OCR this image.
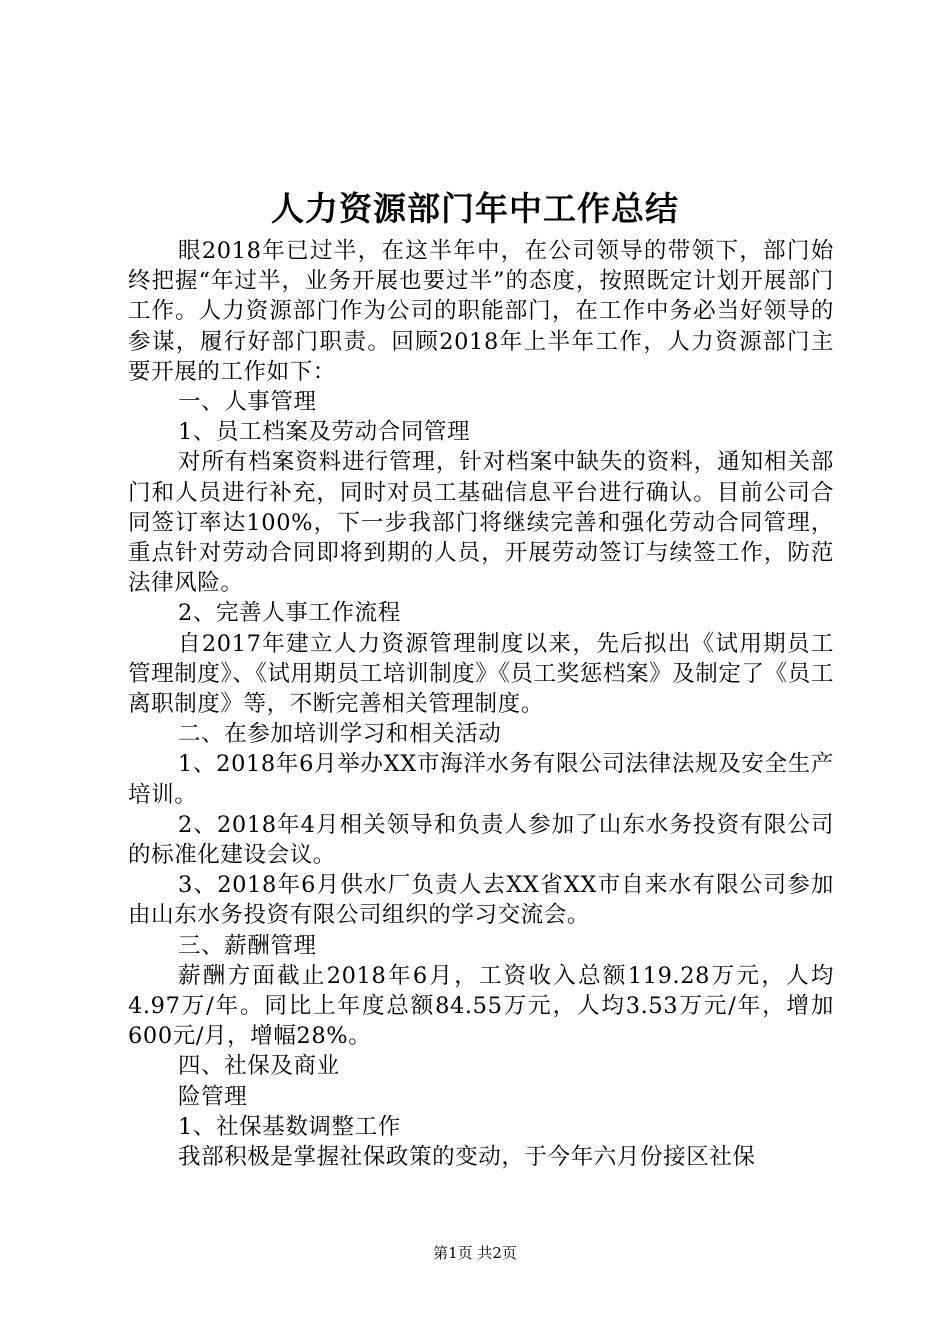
人力资源部门年中工作总结

眼2018年已过半，在这半年中，在公司领导的带领下，部门始终把握“年过半，业务开展也要过半”的态度，按照既定计划开展部门工作。人力资源部门作为公司的职能部门，在工作中务必当好领导的参谋，履行好部门职责。回顾2018年上半年工作，人力资源部门主要开展的工作如下：

一、人事管理

1、员工档案及劳动合同管理

对所有档案资料进行管理，针对档案中缺失的资料，通知相关部门和人员进行补充，同时对员工基础信息平台进行确认。目前公司合同签订率达100%，下一步我部门将继续完善和强化劳动合同管理，重点针对劳动合同即将到期的人员，开展劳动签订与续签工作，防范法律风险。

2、完善人事工作流程

自2017年建立人力资源管理制度以来，先后拟出《试用期员工管理制度》、《试用期员工培训制度》《员工奖惩档案》及制定了《员工离职制度》等，不断完善相关管理制度。

二、在参加培训学习和相关活动

1、2018年6月举办XX市海洋水务有限公司法律法规及安全生产培训。

2、2018年4月相关领导和负责人参加了山东水务投资有限公司的标准化建设会议。

3、2018年6月供水厂负责人去XX省XX市自来水有限公司参加由山东水务投资有限公司组织的学习交流会。

三、薪酬管理

薪酬方面截止2018年6月，工资收入总额119.28万元，人均4.97万/年。同比上年度总额84.55万元，人均3.53万元/年，增加600元/月，增幅28%。

四、社保及商业

险管理

1、社保基数调整工作

我部积极是掌握社保政策的变动，于今年六月份接区社保

第1页 共2页
